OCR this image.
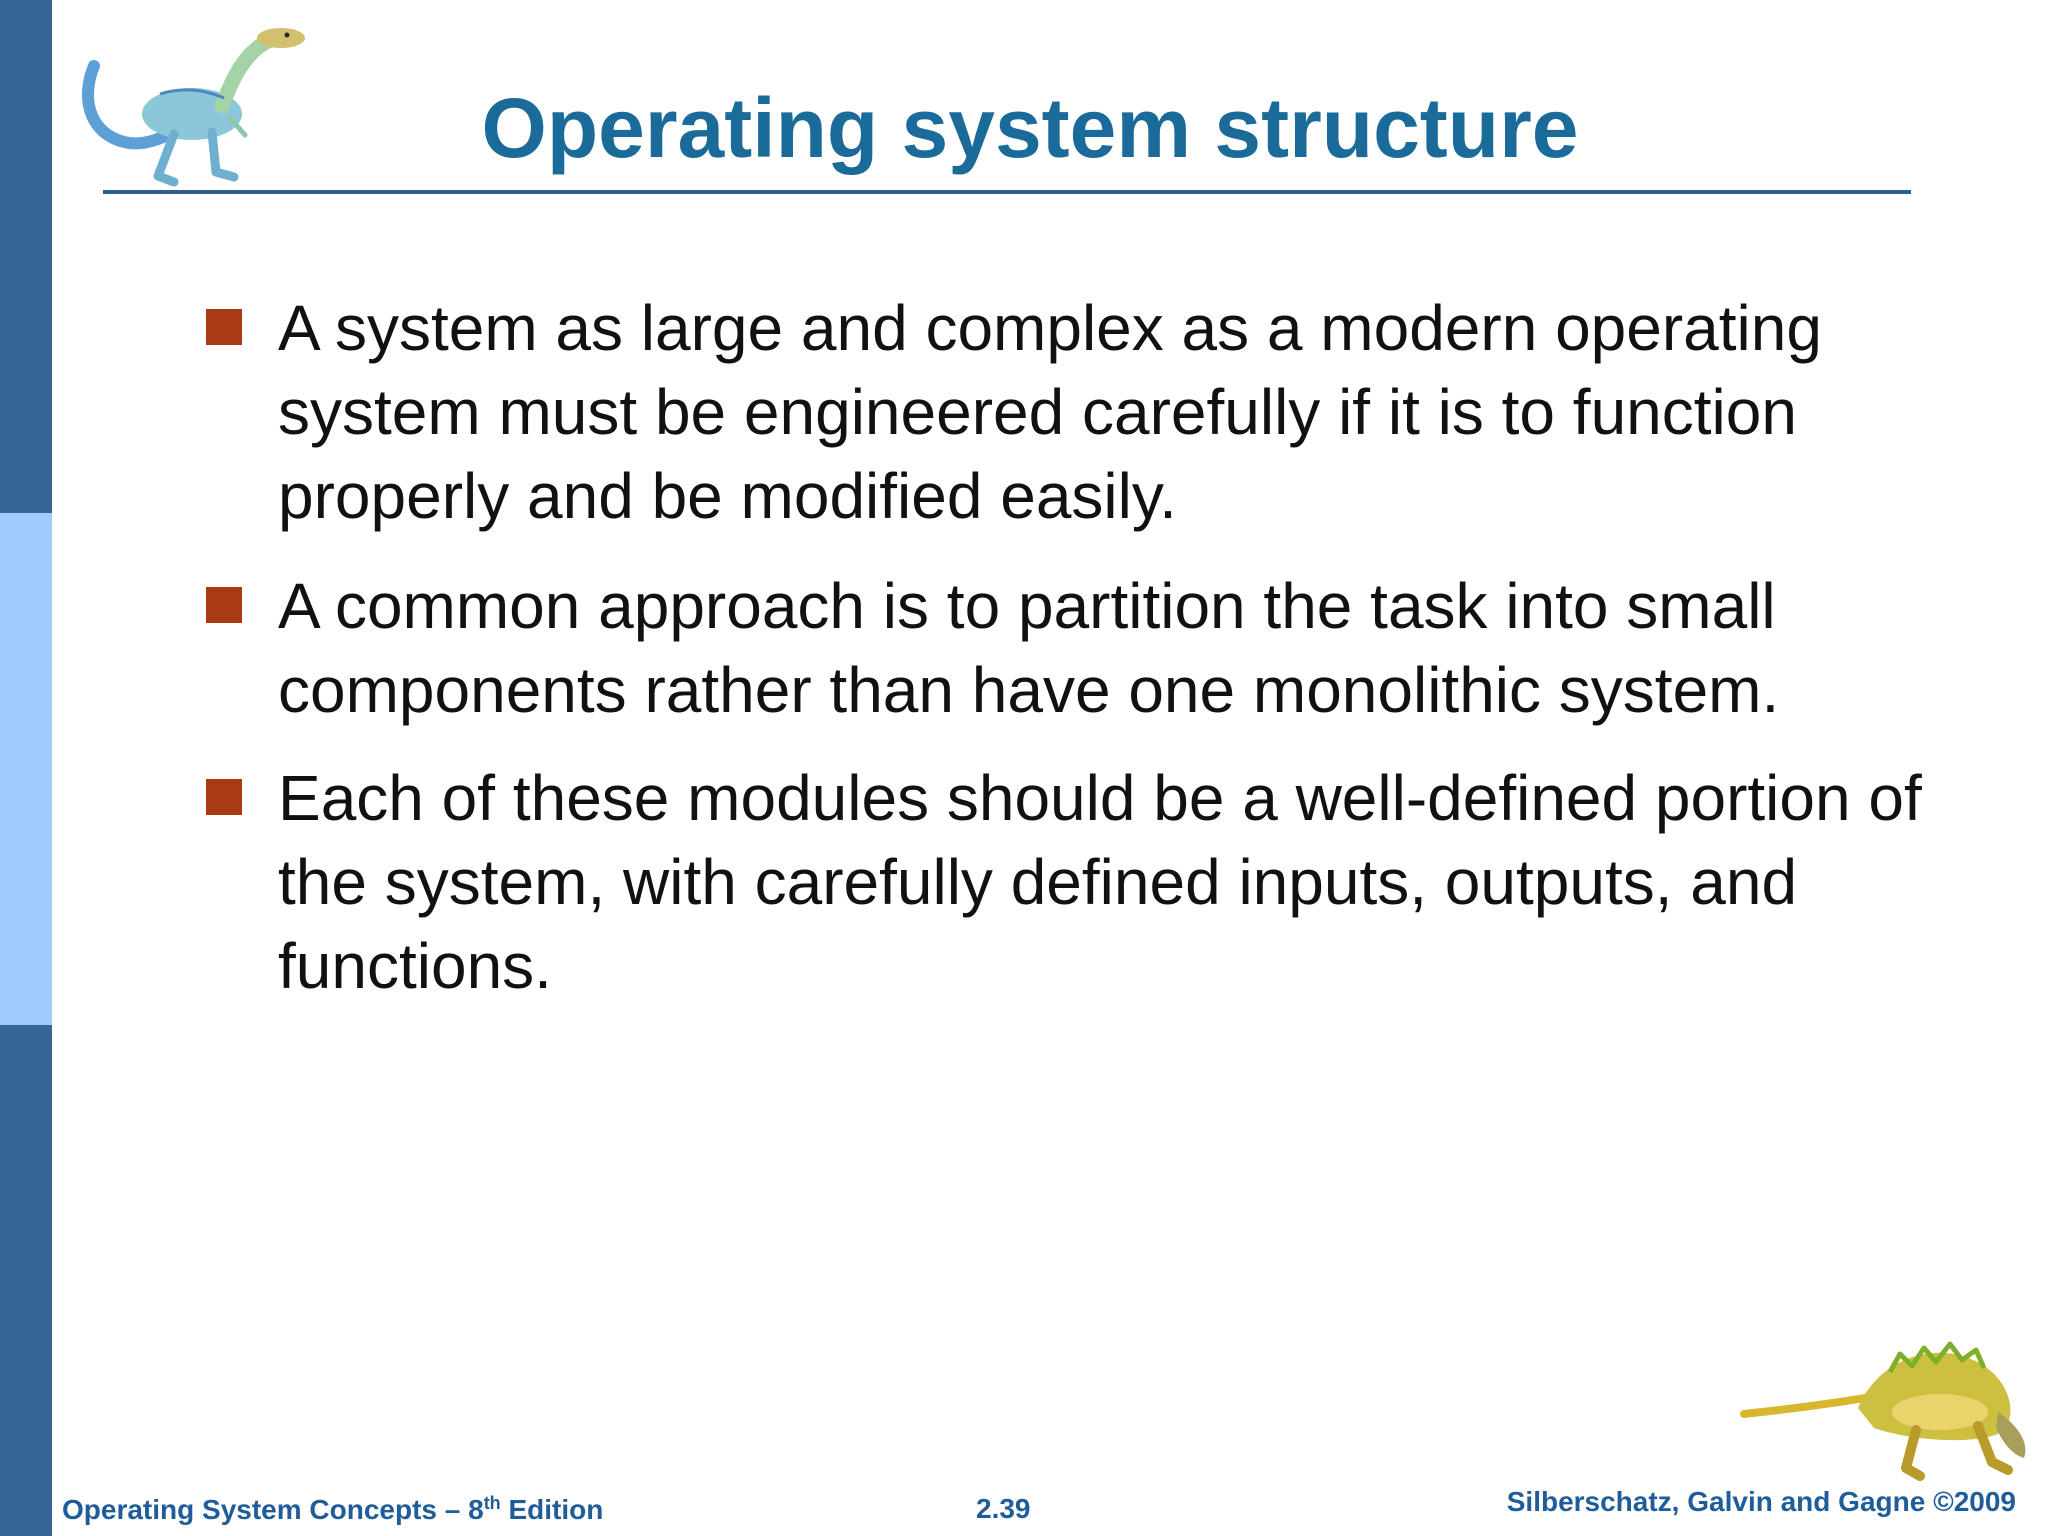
Operating system structure
A system as large and complex as a modern operating system must be engineered carefully if it is to function properly and be modified easily.
A common approach is to partition the task into small components rather than have one monolithic system.
Each of these modules should be a well-defined portion of the system, with carefully defined inputs, outputs, and functions.
Operating System Concepts – 8th Edition	2.39	Silberschatz, Galvin and Gagne ©2009
